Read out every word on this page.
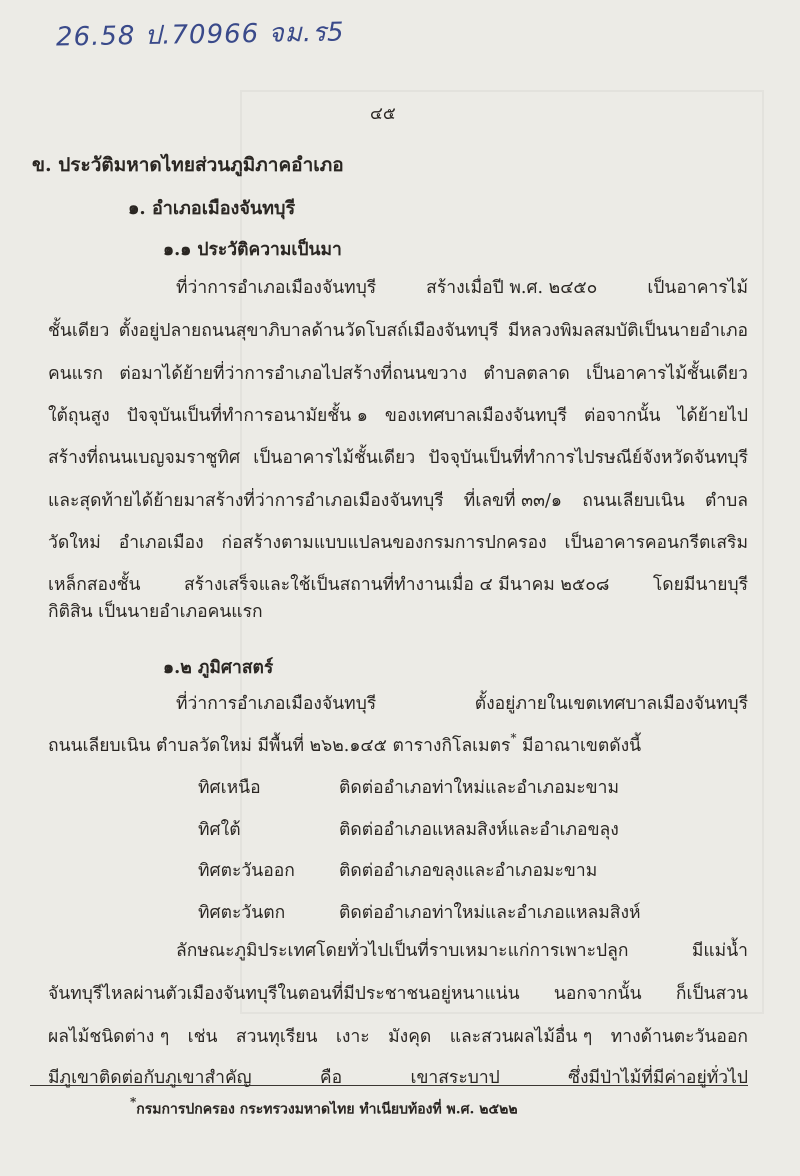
26.58 ป.70966 จม.ร5
๔๕
ข. ประวัติมหาดไทยส่วนภูมิภาคอำเภอ
๑. อำเภอเมืองจันทบุรี
๑.๑ ประวัติความเป็นมา
ที่ว่าการอำเภอเมืองจันทบุรี	สร้างเมื่อปี พ.ศ. ๒๔๕๐	เป็นอาคารไม้
ชั้นเดียว ตั้งอยู่ปลายถนนสุขาภิบาลด้านวัดโบสถ์เมืองจันทบุรี มีหลวงพิมลสมบัติเป็นนายอำเภอ
คนแรก ต่อมาได้ย้ายที่ว่าการอำเภอไปสร้างที่ถนนขวาง ตำบลตลาด เป็นอาคารไม้ชั้นเดียว
ใต้ถุนสูง ปัจจุบันเป็นที่ทำการอนามัยชั้น ๑ ของเทศบาลเมืองจันทบุรี ต่อจากนั้น ได้ย้ายไป
สร้างที่ถนนเบญจมราชูทิศ เป็นอาคารไม้ชั้นเดียว ปัจจุบันเป็นที่ทำการไปรษณีย์จังหวัดจันทบุรี
และสุดท้ายได้ย้ายมาสร้างที่ว่าการอำเภอเมืองจันทบุรี ที่เลขที่ ๓๓/๑ ถนนเลียบเนิน ตำบล
วัดใหม่ อำเภอเมือง ก่อสร้างตามแบบแปลนของกรมการปกครอง เป็นอาคารคอนกรีตเสริม
เหล็กสองชั้น สร้างเสร็จและใช้เป็นสถานที่ทำงานเมื่อ ๔ มีนาคม ๒๕๐๘ โดยมีนายบุรี
กิติสิน เป็นนายอำเภอคนแรก
๑.๒ ภูมิศาสตร์
ที่ว่าการอำเภอเมืองจันทบุรี	ตั้งอยู่ภายในเขตเทศบาลเมืองจันทบุรี
ถนนเลียบเนิน ตำบลวัดใหม่ มีพื้นที่ ๒๖๒.๑๔๕ ตารางกิโลเมตร* มีอาณาเขตดังนี้
ทิศเหนือ	ติดต่ออำเภอท่าใหม่และอำเภอมะขาม
ทิศใต้	ติดต่ออำเภอแหลมสิงห์และอำเภอขลุง
ทิศตะวันออก	ติดต่ออำเภอขลุงและอำเภอมะขาม
ทิศตะวันตก	ติดต่ออำเภอท่าใหม่และอำเภอแหลมสิงห์
ลักษณะภูมิประเทศโดยทั่วไปเป็นที่ราบเหมาะแก่การเพาะปลูก	มีแม่น้ำ
จันทบุรีไหลผ่านตัวเมืองจันทบุรีในตอนที่มีประชาชนอยู่หนาแน่น นอกจากนั้น ก็เป็นสวน
ผลไม้ชนิดต่าง ๆ เช่น สวนทุเรียน เงาะ มังคุด และสวนผลไม้อื่น ๆ ทางด้านตะวันออก
มีภูเขาติดต่อกับภูเขาสำคัญ	คือ	เขาสระบาป	ซึ่งมีป่าไม้ที่มีค่าอยู่ทั่วไป
*กรมการปกครอง กระทรวงมหาดไทย ทำเนียบท้องที่ พ.ศ. ๒๕๒๒
